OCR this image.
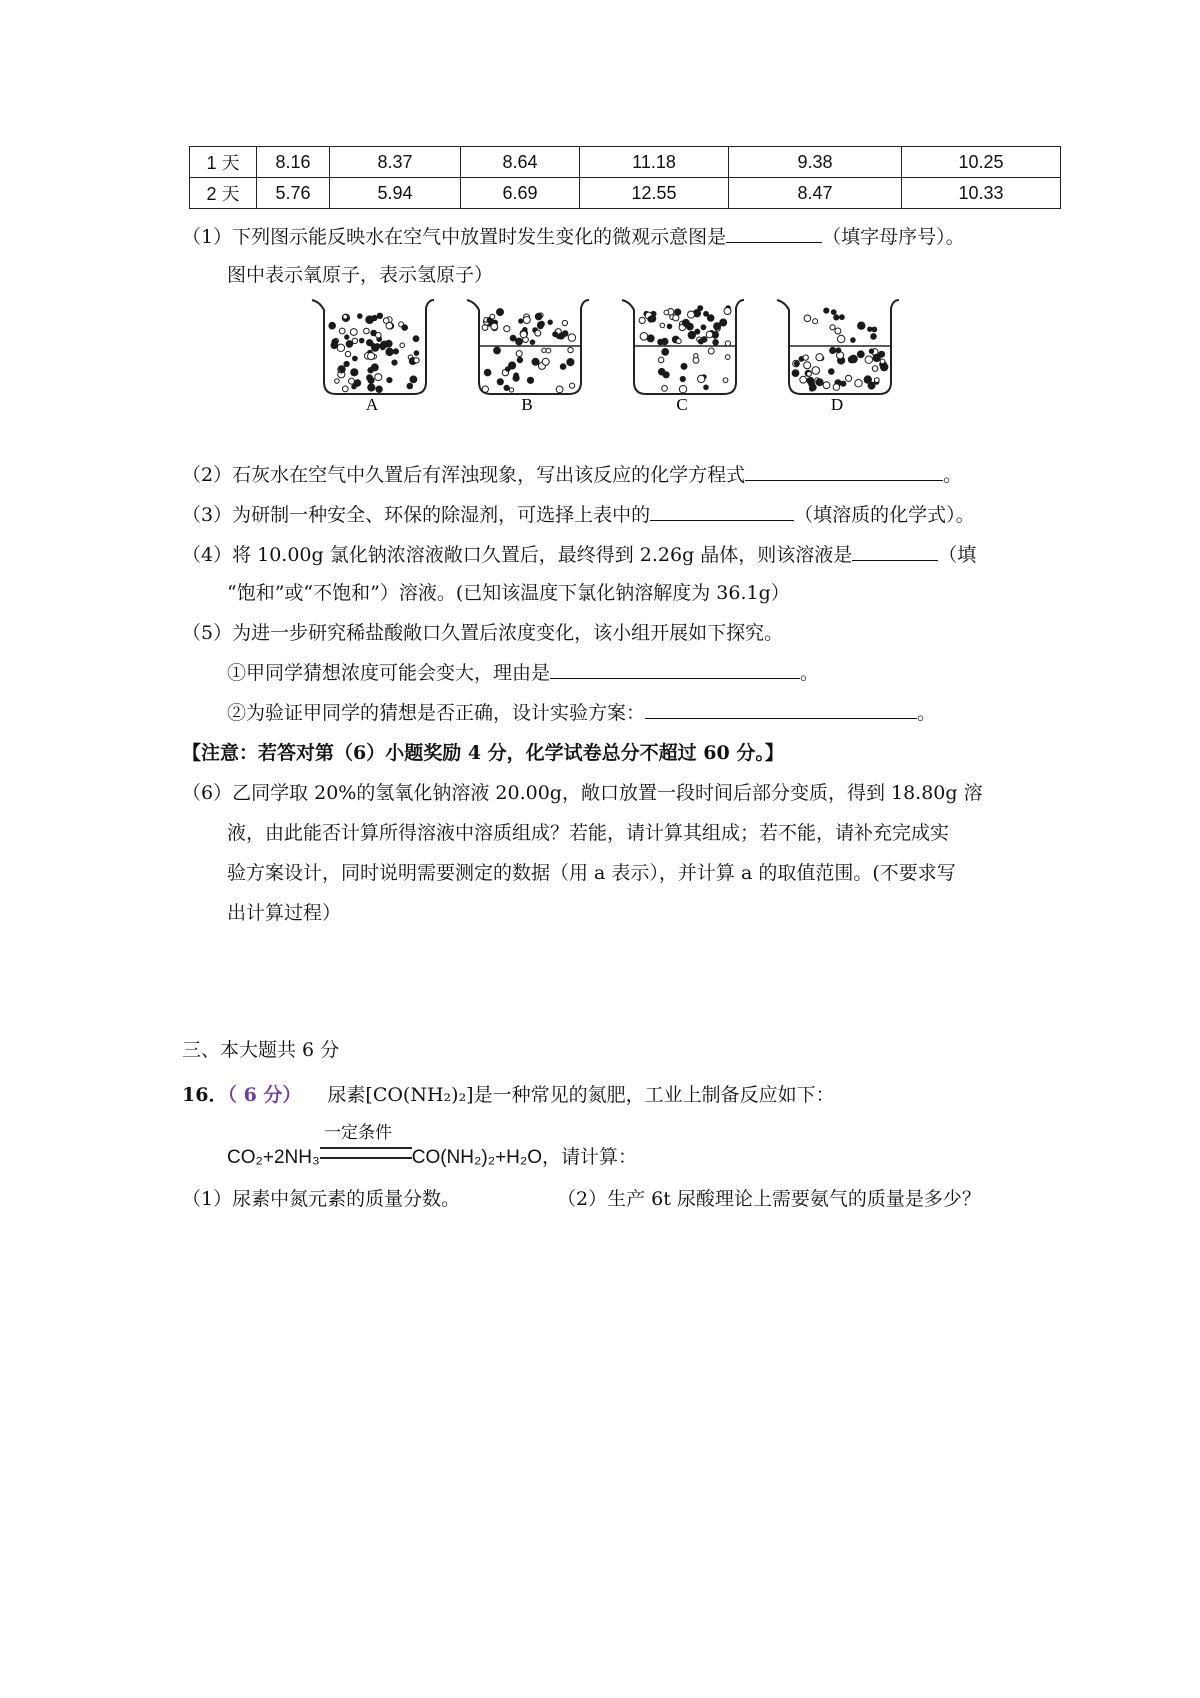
1 天	8.16	8.37	8.64	11.18	9.38	10.25
2 天	5.76	5.94	6.69	12.55	8.47	10.33
（1）下列图示能反映水在空气中放置时发生变化的微观示意图是	（填字母序号）。
图中表示氧原子，表示氢原子）
A	B	C	D
（2）石灰水在空气中久置后有浑浊现象，写出该反应的化学方程式	。
（3）为研制一种安全、环保的除湿剂，可选择上表中的	（填溶质的化学式）。
（4）将 10.00g 氯化钠浓溶液敞口久置后，最终得到 2.26g 晶体，则该溶液是	（填
“饱和”或“不饱和”）溶液。(已知该温度下氯化钠溶解度为 36.1g）
（5）为进一步研究稀盐酸敞口久置后浓度变化，该小组开展如下探究。
①甲同学猜想浓度可能会变大，理由是	。
②为验证甲同学的猜想是否正确，设计实验方案：	。
【注意：若答对第（6）小题奖励 4 分，化学试卷总分不超过 60 分。】
（6）乙同学取 20%的氢氧化钠溶液 20.00g，敞口放置一段时间后部分变质，得到 18.80g 溶
液，由此能否计算所得溶液中溶质组成？若能，请计算其组成；若不能，请补充完成实
验方案设计，同时说明需要测定的数据（用 a 表示），并计算 a 的取值范围。(不要求写
出计算过程）
三、本大题共 6 分
16．（ 6 分） 尿素[CO(NH₂)₂]是一种常见的氮肥，工业上制备反应如下：
一定条件
CO₂+2NH₃	CO(NH₂)₂+H₂O，请计算：
（1）尿素中氮元素的质量分数。	（2）生产 6t 尿酸理论上需要氨气的质量是多少？
